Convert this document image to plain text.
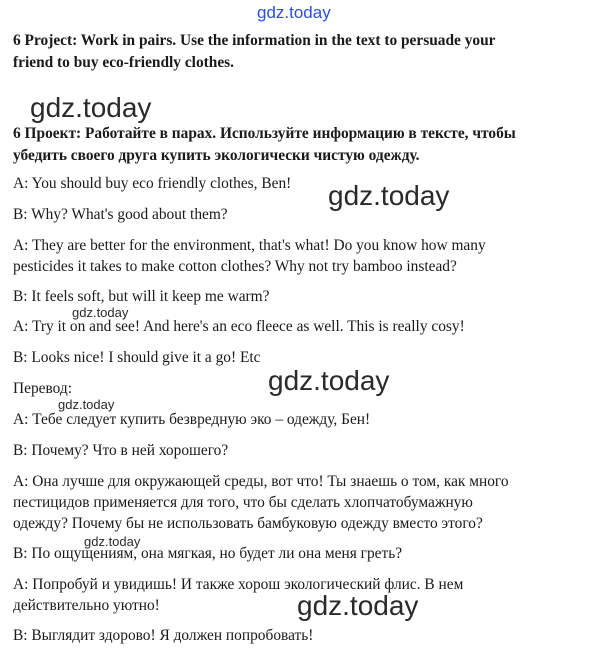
gdz.today
gdz.today
gdz.today
gdz.today
gdz.today
gdz.today
gdz.today
gdz.today
6 Project: Work in pairs. Use the information in the text to persuade your
friend to buy eco-friendly clothes.
6 Проект: Работайте в парах. Используйте информацию в тексте, чтобы
убедить своего друга купить экологически чистую одежду.
A: You should buy eco friendly clothes, Ben!
B: Why? What's good about them?
A: They are better for the environment, that's what! Do you know how many
pesticides it takes to make cotton clothes? Why not try bamboo instead?
B: It feels soft, but will it keep me warm?
A: Try it on and see! And here's an eco fleece as well. This is really cosy!
B: Looks nice! I should give it a go! Etc
Перевод:
А: Тебе следует купить безвредную эко – одежду, Бен!
В: Почему? Что в ней хорошего?
А: Она лучше для окружающей среды, вот что! Ты знаешь о том, как много
пестицидов применяется для того, что бы сделать хлопчатобумажную
одежду? Почему бы не использовать бамбуковую одежду вместо этого?
В: По ощущениям, она мягкая, но будет ли она меня греть?
А: Попробуй и увидишь! И также хорош экологический флис. В нем
действительно уютно!
В: Выглядит здорово! Я должен попробовать!
